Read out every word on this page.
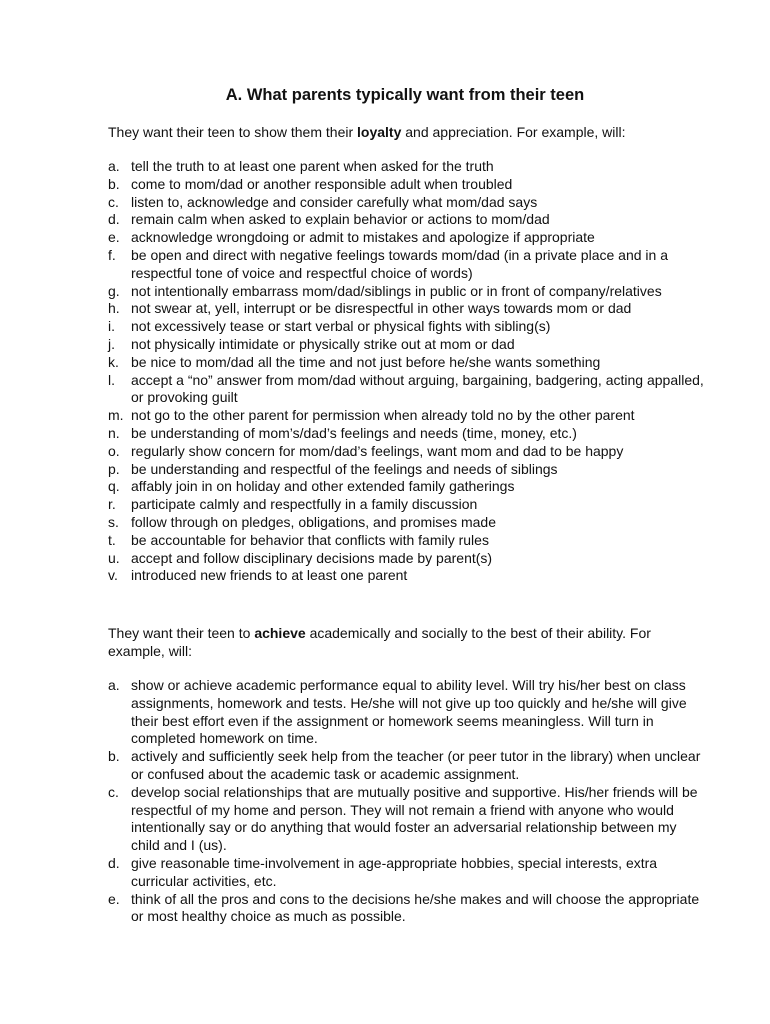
A. What parents typically want from their teen
They want their teen to show them their loyalty and appreciation. For example, will:
a. tell the truth to at least one parent when asked for the truth
b. come to mom/dad or another responsible adult when troubled
c. listen to, acknowledge and consider carefully what mom/dad says
d. remain calm when asked to explain behavior or actions to mom/dad
e. acknowledge wrongdoing or admit to mistakes and apologize if appropriate
f. be open and direct with negative feelings towards mom/dad (in a private place and in a respectful tone of voice and respectful choice of words)
g. not intentionally embarrass mom/dad/siblings in public or in front of company/relatives
h. not swear at, yell, interrupt or be disrespectful in other ways towards mom or dad
i. not excessively tease or start verbal or physical fights with sibling(s)
j. not physically intimidate or physically strike out at mom or dad
k. be nice to mom/dad all the time and not just before he/she wants something
l. accept a “no” answer from mom/dad without arguing, bargaining, badgering, acting appalled, or provoking guilt
m. not go to the other parent for permission when already told no by the other parent
n. be understanding of mom’s/dad’s feelings and needs (time, money, etc.)
o. regularly show concern for mom/dad’s feelings, want mom and dad to be happy
p. be understanding and respectful of the feelings and needs of siblings
q. affably join in on holiday and other extended family gatherings
r. participate calmly and respectfully in a family discussion
s. follow through on pledges, obligations, and promises made
t. be accountable for behavior that conflicts with family rules
u. accept and follow disciplinary decisions made by parent(s)
v. introduced new friends to at least one parent
They want their teen to achieve academically and socially to the best of their ability. For example, will:
a. show or achieve academic performance equal to ability level. Will try his/her best on class assignments, homework and tests. He/she will not give up too quickly and he/she will give their best effort even if the assignment or homework seems meaningless. Will turn in completed homework on time.
b. actively and sufficiently seek help from the teacher (or peer tutor in the library) when unclear or confused about the academic task or academic assignment.
c. develop social relationships that are mutually positive and supportive. His/her friends will be respectful of my home and person. They will not remain a friend with anyone who would intentionally say or do anything that would foster an adversarial relationship between my child and I (us).
d. give reasonable time-involvement in age-appropriate hobbies, special interests, extra curricular activities, etc.
e. think of all the pros and cons to the decisions he/she makes and will choose the appropriate or most healthy choice as much as possible.
